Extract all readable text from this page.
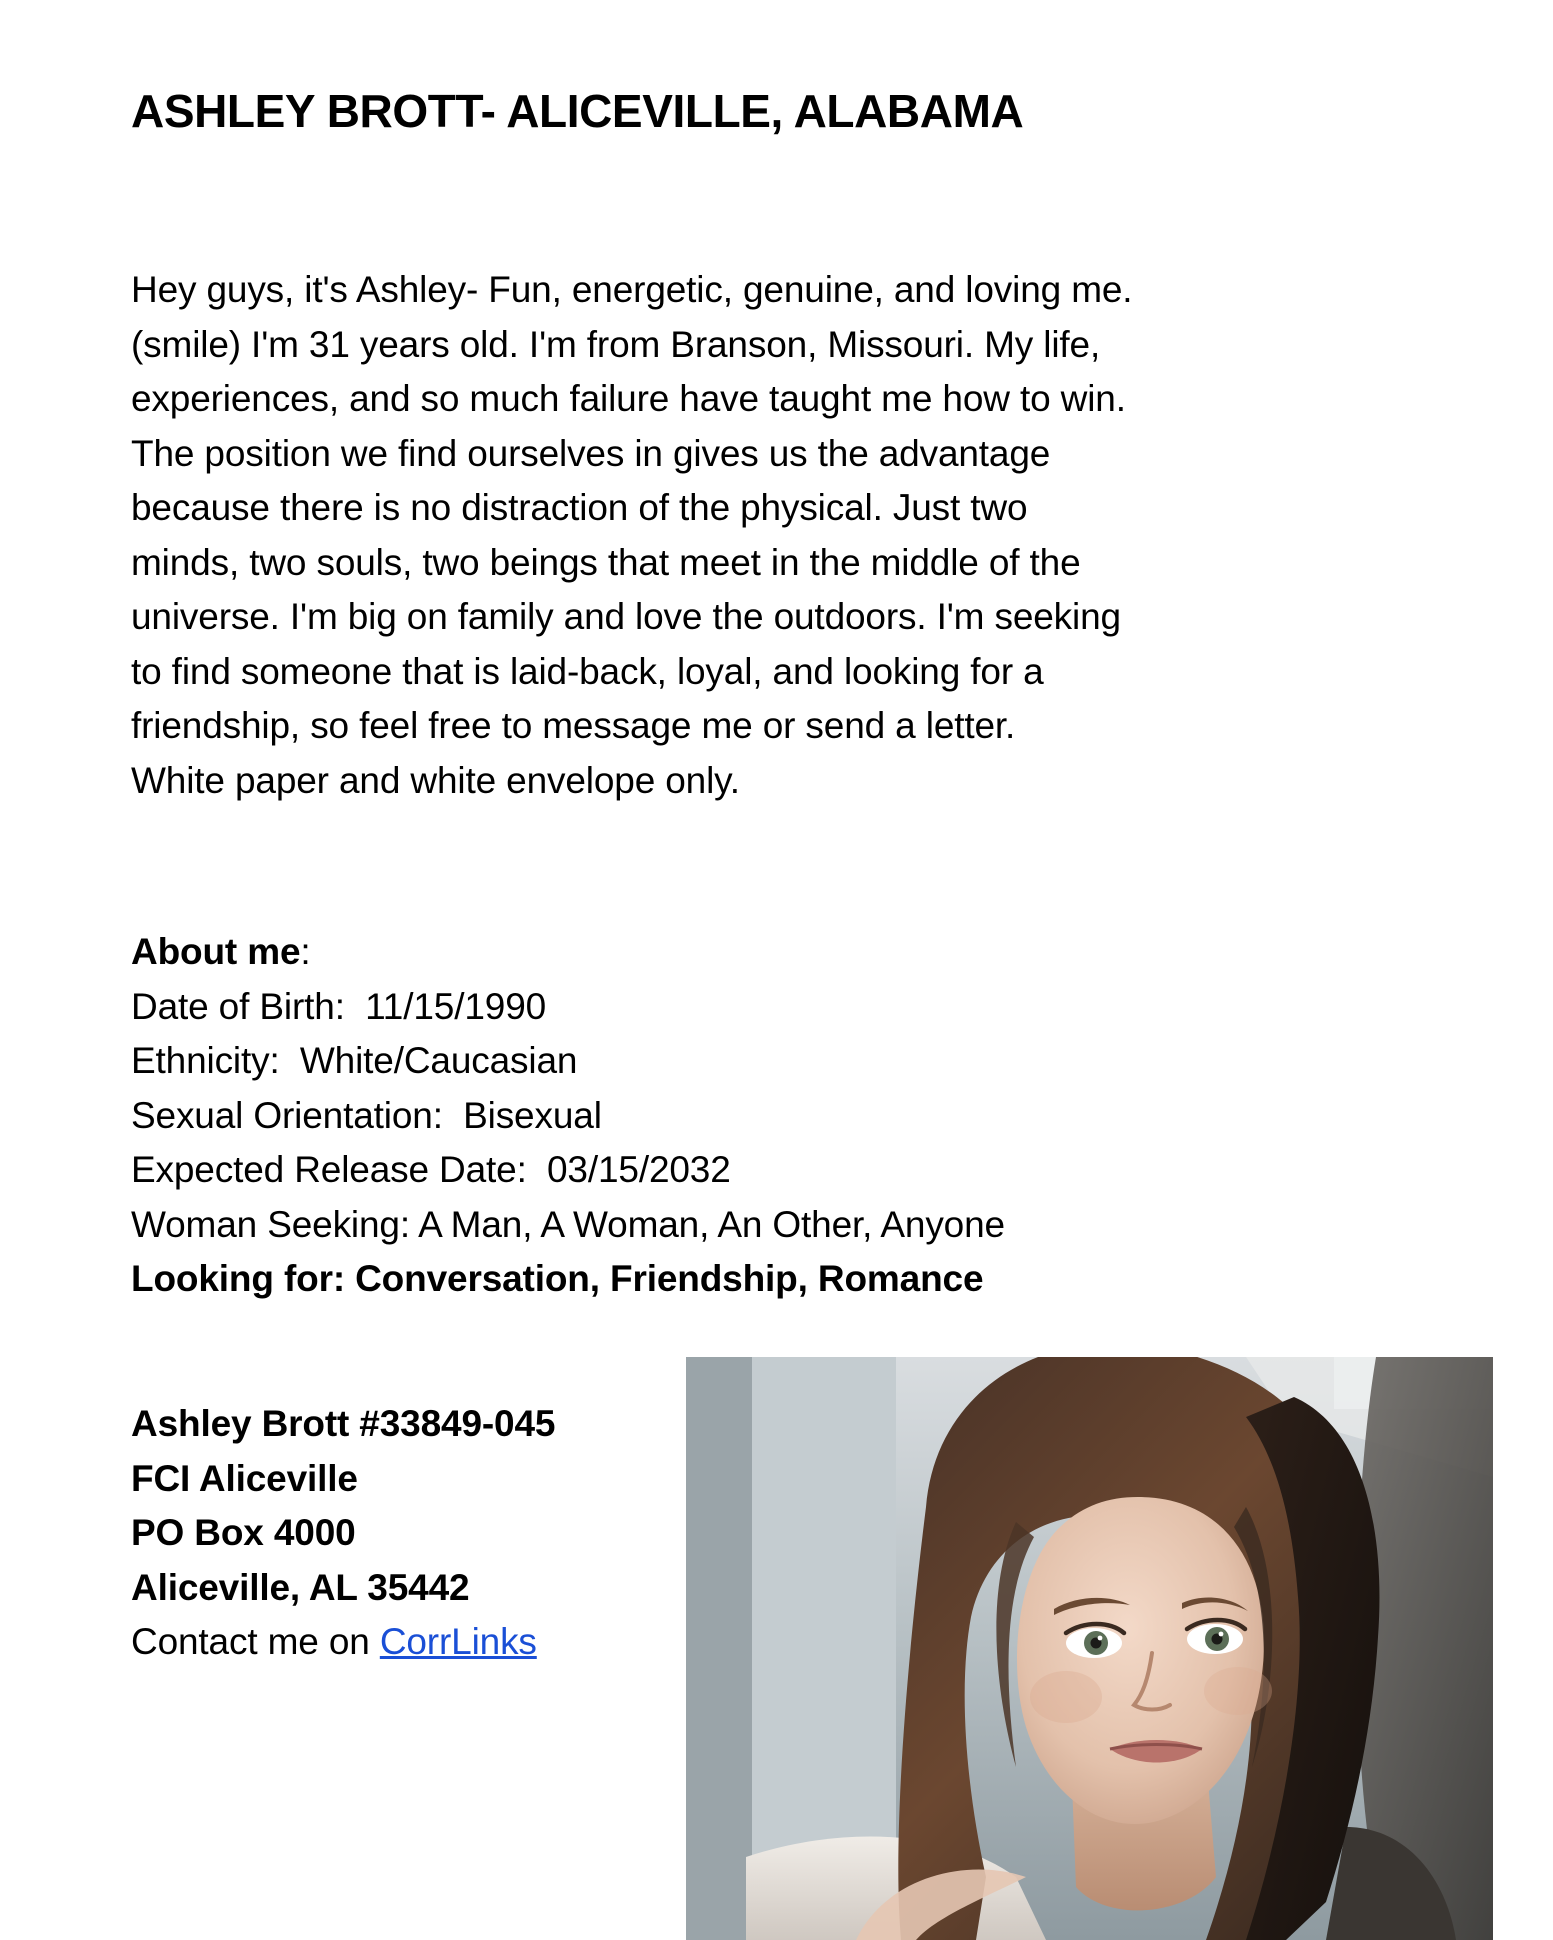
ASHLEY BROTT- ALICEVILLE, ALABAMA
Hey guys, it's Ashley- Fun, energetic, genuine, and loving me.
(smile) I'm 31 years old. I'm from Branson, Missouri. My life,
experiences, and so much failure have taught me how to win.
The position we find ourselves in gives us the advantage
because there is no distraction of the physical. Just two
minds, two souls, two beings that meet in the middle of the
universe. I'm big on family and love the outdoors. I'm seeking
to find someone that is laid-back, loyal, and looking for a
friendship, so feel free to message me or send a letter.
White paper and white envelope only.
About me:
Date of Birth: 11/15/1990
Ethnicity: White/Caucasian
Sexual Orientation: Bisexual
Expected Release Date: 03/15/2032
Woman Seeking: A Man, A Woman, An Other, Anyone
Looking for: Conversation, Friendship, Romance
Ashley Brott #33849-045
FCI Aliceville
PO Box 4000
Aliceville, AL 35442
Contact me on CorrLinks
